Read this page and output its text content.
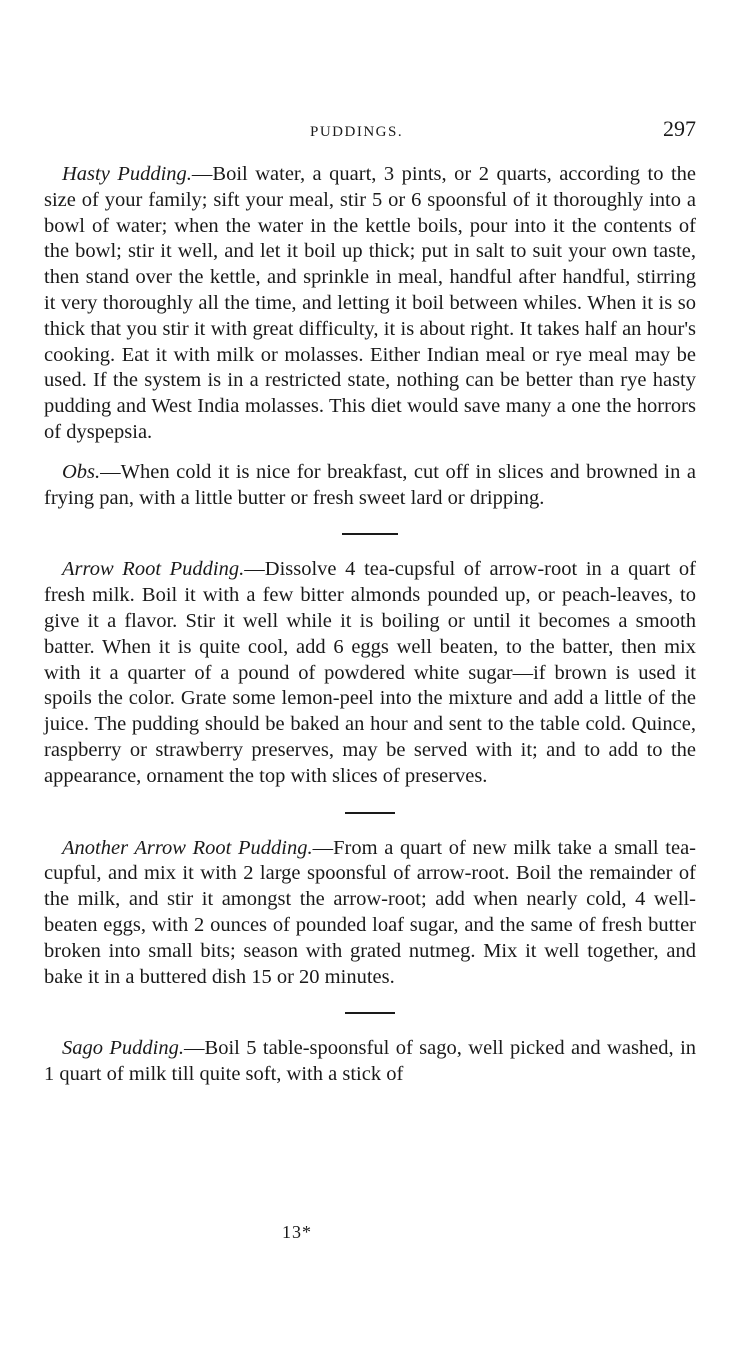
PUDDINGS.	297

Hasty Pudding.—Boil water, a quart, 3 pints, or 2 quarts, according to the size of your family; sift your meal, stir 5 or 6 spoonsful of it thoroughly into a bowl of water; when the water in the kettle boils, pour into it the contents of the bowl; stir it well, and let it boil up thick; put in salt to suit your own taste, then stand over the kettle, and sprinkle in meal, handful after handful, stirring it very thoroughly all the time, and letting it boil between whiles. When it is so thick that you stir it with great difficulty, it is about right. It takes half an hour's cooking. Eat it with milk or molasses. Either Indian meal or rye meal may be used. If the system is in a restricted state, nothing can be better than rye hasty pudding and West India molasses. This diet would save many a one the horrors of dyspepsia.

Obs.—When cold it is nice for breakfast, cut off in slices and browned in a frying pan, with a little butter or fresh sweet lard or dripping.

Arrow Root Pudding.—Dissolve 4 tea-cupsful of arrow-root in a quart of fresh milk. Boil it with a few bitter almonds pounded up, or peach-leaves, to give it a flavor. Stir it well while it is boiling or until it becomes a smooth batter. When it is quite cool, add 6 eggs well beaten, to the batter, then mix with it a quarter of a pound of powdered white sugar—if brown is used it spoils the color. Grate some lemon-peel into the mixture and add a little of the juice. The pudding should be baked an hour and sent to the table cold. Quince, raspberry or strawberry preserves, may be served with it; and to add to the appearance, ornament the top with slices of preserves.

Another Arrow Root Pudding.—From a quart of new milk take a small tea-cupful, and mix it with 2 large spoonsful of arrow-root. Boil the remainder of the milk, and stir it amongst the arrow-root; add when nearly cold, 4 well-beaten eggs, with 2 ounces of pounded loaf sugar, and the same of fresh butter broken into small bits; season with grated nutmeg. Mix it well together, and bake it in a buttered dish 15 or 20 minutes.

Sago Pudding.—Boil 5 table-spoonsful of sago, well picked and washed, in 1 quart of milk till quite soft, with a stick of

13*
